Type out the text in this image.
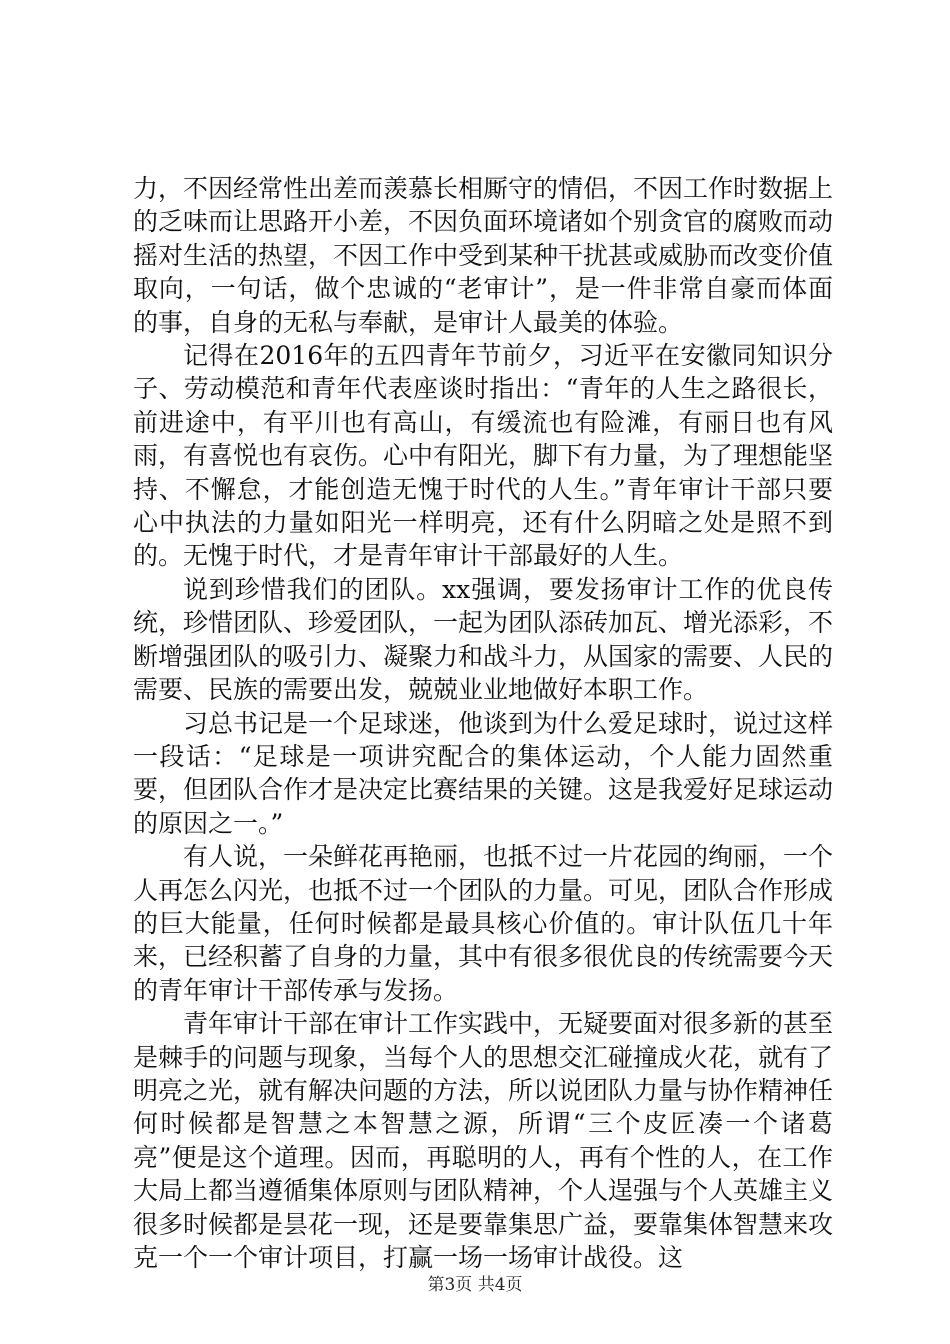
力，不因经常性出差而羡慕长相厮守的情侣，不因工作时数据上的乏味而让思路开小差，不因负面环境诸如个别贪官的腐败而动摇对生活的热望，不因工作中受到某种干扰甚或威胁而改变价值取向，一句话，做个忠诚的“老审计”，是一件非常自豪而体面的事，自身的无私与奉献，是审计人最美的体验。

记得在2016年的五四青年节前夕，习近平在安徽同知识分子、劳动模范和青年代表座谈时指出：“青年的人生之路很长，前进途中，有平川也有高山，有缓流也有险滩，有丽日也有风雨，有喜悦也有哀伤。心中有阳光，脚下有力量，为了理想能坚持、不懈怠，才能创造无愧于时代的人生。”青年审计干部只要心中执法的力量如阳光一样明亮，还有什么阴暗之处是照不到的。无愧于时代，才是青年审计干部最好的人生。

说到珍惜我们的团队。xx强调，要发扬审计工作的优良传统，珍惜团队、珍爱团队，一起为团队添砖加瓦、增光添彩，不断增强团队的吸引力、凝聚力和战斗力，从国家的需要、人民的需要、民族的需要出发，兢兢业业地做好本职工作。

习总书记是一个足球迷，他谈到为什么爱足球时，说过这样一段话：“足球是一项讲究配合的集体运动，个人能力固然重要，但团队合作才是决定比赛结果的关键。这是我爱好足球运动的原因之一。”

有人说，一朵鲜花再艳丽，也抵不过一片花园的绚丽，一个人再怎么闪光，也抵不过一个团队的力量。可见，团队合作形成的巨大能量，任何时候都是最具核心价值的。审计队伍几十年来，已经积蓄了自身的力量，其中有很多很优良的传统需要今天的青年审计干部传承与发扬。

青年审计干部在审计工作实践中，无疑要面对很多新的甚至是棘手的问题与现象，当每个人的思想交汇碰撞成火花，就有了明亮之光，就有解决问题的方法，所以说团队力量与协作精神任何时候都是智慧之本智慧之源，所谓“三个皮匠凑一个诸葛亮”便是这个道理。因而，再聪明的人，再有个性的人，在工作大局上都当遵循集体原则与团队精神，个人逞强与个人英雄主义很多时候都是昙花一现，还是要靠集思广益，要靠集体智慧来攻克一个一个审计项目，打赢一场一场审计战役。这

第3页 共4页
